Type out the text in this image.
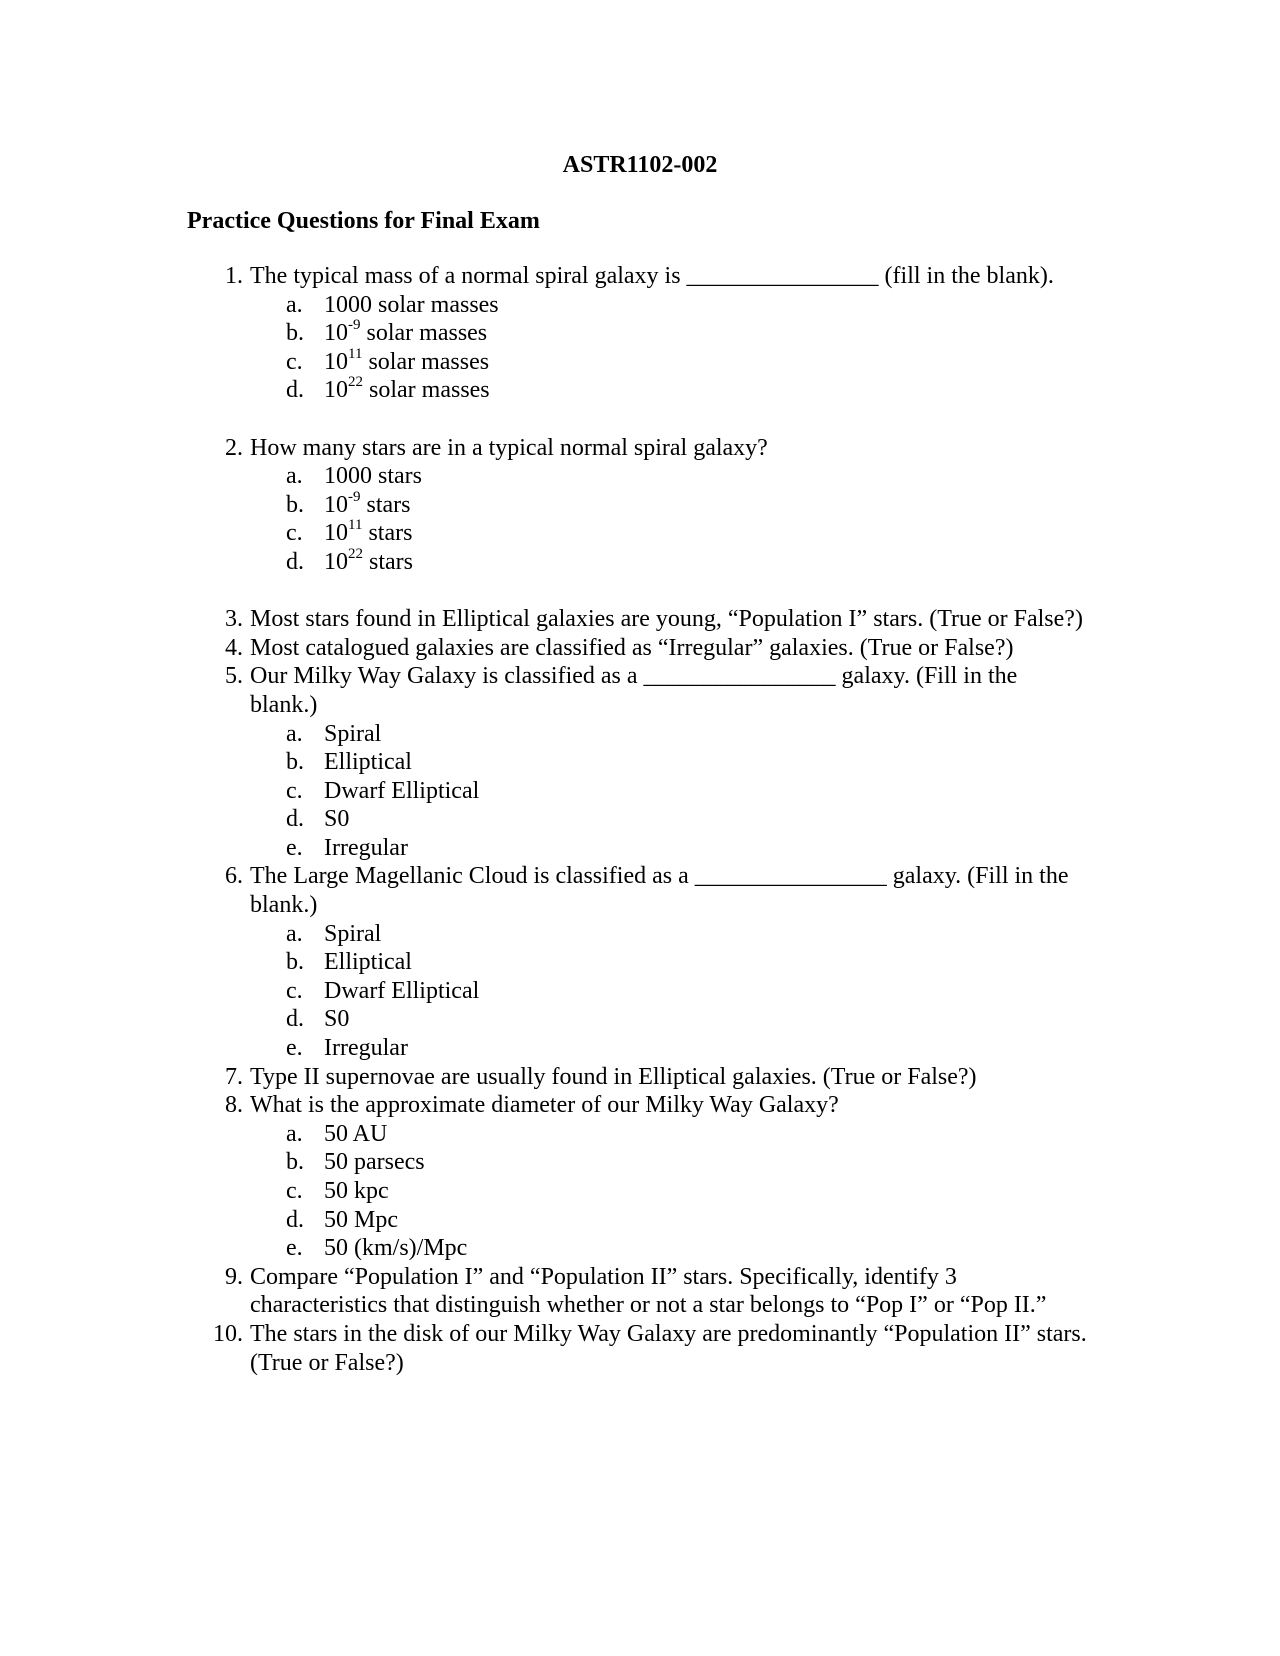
ASTR1102-002
Practice Questions for Final Exam
1. The typical mass of a normal spiral galaxy is ________________ (fill in the blank).
a. 1000 solar masses
b. $10^{-9}$ solar masses
c. $10^{11}$ solar masses
d. $10^{22}$ solar masses
2. How many stars are in a typical normal spiral galaxy?
a. 1000 stars
b. $10^{-9}$ stars
c. $10^{11}$ stars
d. $10^{22}$ stars
3. Most stars found in Elliptical galaxies are young, “Population I” stars. (True or False?)
4. Most catalogued galaxies are classified as “Irregular” galaxies. (True or False?)
5. Our Milky Way Galaxy is classified as a ________________ galaxy. (Fill in the blank.)
a. Spiral
b. Elliptical
c. Dwarf Elliptical
d. S0
e. Irregular
6. The Large Magellanic Cloud is classified as a ________________ galaxy. (Fill in the blank.)
a. Spiral
b. Elliptical
c. Dwarf Elliptical
d. S0
e. Irregular
7. Type II supernovae are usually found in Elliptical galaxies. (True or False?)
8. What is the approximate diameter of our Milky Way Galaxy?
a. 50 AU
b. 50 parsecs
c. 50 kpc
d. 50 Mpc
e. 50 (km/s)/Mpc
9. Compare “Population I” and “Population II” stars. Specifically, identify 3 characteristics that distinguish whether or not a star belongs to “Pop I” or “Pop II.”
10. The stars in the disk of our Milky Way Galaxy are predominantly “Population II” stars. (True or False?)
